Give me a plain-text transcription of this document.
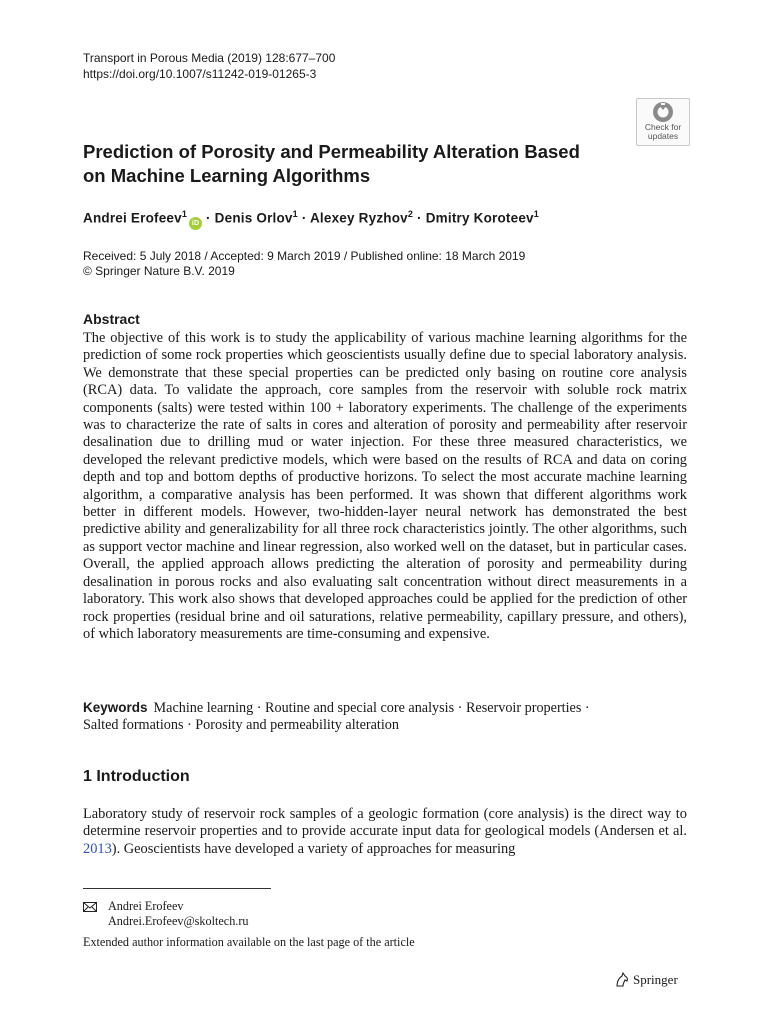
Transport in Porous Media (2019) 128:677–700
https://doi.org/10.1007/s11242-019-01265-3
Check for
updates
Prediction of Porosity and Permeability Alteration Based
on Machine Learning Algorithms
Andrei Erofeev$^1$iD · Denis Orlov$^1$ · Alexey Ryzhov$^2$ · Dmitry Koroteev$^1$
Received: 5 July 2018 / Accepted: 9 March 2019 / Published online: 18 March 2019
© Springer Nature B.V. 2019
Abstract

The objective of this work is to study the applicability of various machine learning algorithms for the prediction of some rock properties which geoscientists usually define due to special laboratory analysis. We demonstrate that these special properties can be predicted only basing on routine core analysis (RCA) data. To validate the approach, core samples from the reservoir with soluble rock matrix components (salts) were tested within 100 + laboratory experiments. The challenge of the experiments was to characterize the rate of salts in cores and alteration of porosity and permeability after reservoir desalination due to drilling mud or water injection. For these three measured characteristics, we developed the relevant predictive models, which were based on the results of RCA and data on coring depth and top and bottom depths of productive horizons. To select the most accurate machine learning algorithm, a comparative analysis has been performed. It was shown that different algorithms work better in different models. However, two-hidden-layer neural network has demonstrated the best predictive ability and generalizability for all three rock characteristics jointly. The other algorithms, such as support vector machine and linear regression, also worked well on the dataset, but in particular cases. Overall, the applied approach allows predicting the alteration of porosity and permeability during desalination in porous rocks and also evaluating salt concentration without direct measurements in a laboratory. This work also shows that developed approaches could be applied for the prediction of other rock properties (residual brine and oil saturations, relative permeability, capillary pressure, and others), of which laboratory measurements are time-consuming and expensive.

Keywords Machine learning · Routine and special core analysis · Reservoir properties ·
Salted formations · Porosity and permeability alteration
1 Introduction

Laboratory study of reservoir rock samples of a geologic formation (core analysis) is the direct way to determine reservoir properties and to provide accurate input data for geological models (Andersen et al. 2013). Geoscientists have developed a variety of approaches for measuring

Andrei Erofeev
Andrei.Erofeev@skoltech.ru
Extended author information available on the last page of the article
Springer
